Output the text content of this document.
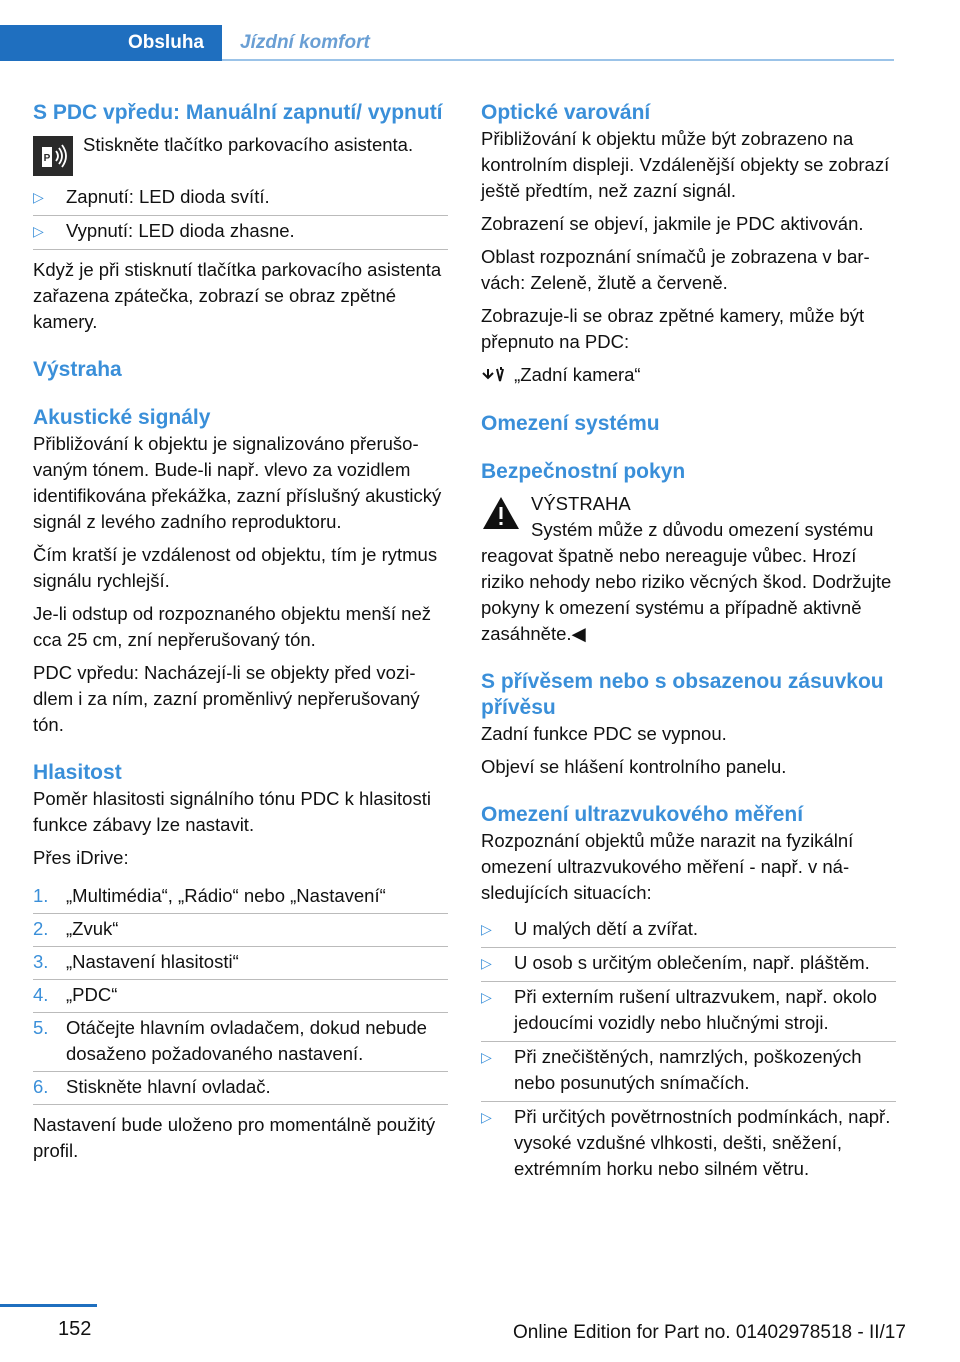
Obsluha Jízdní komfort
S PDC vpředu: Manuální zapnutí/ vypnutí
P

Stiskněte tlačítko parkovacího asistenta.

▷ Zapnutí: LED dioda svítí.
▷ Vypnutí: LED dioda zhasne.

Když je při stisknutí tlačítka parkovacího asistenta zařazena zpátečka, zobrazí se obraz zpětné kamery.

Výstraha
Akustické signály

Přibližování k objektu je signalizováno přerušovaným tónem. Bude-li např. vlevo za vozidlem identifikována překážka, zazní příslušný akustický signál z levého zadního reproduktoru.

Čím kratší je vzdálenost od objektu, tím je rytmus signálu rychlejší.

Je-li odstup od rozpoznaného objektu menší než cca 25 cm, zní nepřerušovaný tón.

PDC vpředu: Nacházejí-li se objekty před vozidlem i za ním, zazní proměnlivý nepřerušovaný tón.

Hlasitost

Poměr hlasitosti signálního tónu PDC k hlasitosti funkce zábavy lze nastavit.

Přes iDrive:

1. „Multimédia“, „Rádio“ nebo „Nastavení“
2. „Zvuk“
3. „Nastavení hlasitosti“
4. „PDC“
5. Otáčejte hlavním ovladačem, dokud nebude dosaženo požadovaného nastavení.
6. Stiskněte hlavní ovladač.

Nastavení bude uloženo pro momentálně použitý profil.

Optické varování

Přibližování k objektu může být zobrazeno na kontrolním displeji. Vzdálenější objekty se zobrazí ještě předtím, než zazní signál.

Zobrazení se objeví, jakmile je PDC aktivován.

Oblast rozpoznání snímačů je zobrazena v barvách: Zeleně, žlutě a červeně.

Zobrazuje-li se obraz zpětné kamery, může být přepnuto na PDC:

„Zadní kamera“

Omezení systému
Bezpečnostní pokyn

VÝSTRAHA

Systém může z důvodu omezení systému reagovat špatně nebo nereaguje vůbec. Hrozí riziko nehody nebo riziko věcných škod. Dodržujte pokyny k omezení systému a případně aktivně zasáhněte.◀

S přívěsem nebo s obsazenou zásuvkou přívěsu

Zadní funkce PDC se vypnou.

Objeví se hlášení kontrolního panelu.

Omezení ultrazvukového měření

Rozpoznání objektů může narazit na fyzikální omezení ultrazvukového měření - např. v následujících situacích:

▷ U malých dětí a zvířat.
▷ U osob s určitým oblečením, např. pláštěm.
▷ Při externím rušení ultrazvukem, např. okolo jedoucími vozidly nebo hlučnými stroji.
▷ Při znečištěných, namrzlých, poškozených nebo posunutých snímačích.
▷ Při určitých povětrnostních podmínkách, např. vysoké vzdušné vlhkosti, dešti, sněžení, extrémním horku nebo silném větru.
152	Online Edition for Part no. 01402978518 - II/17
